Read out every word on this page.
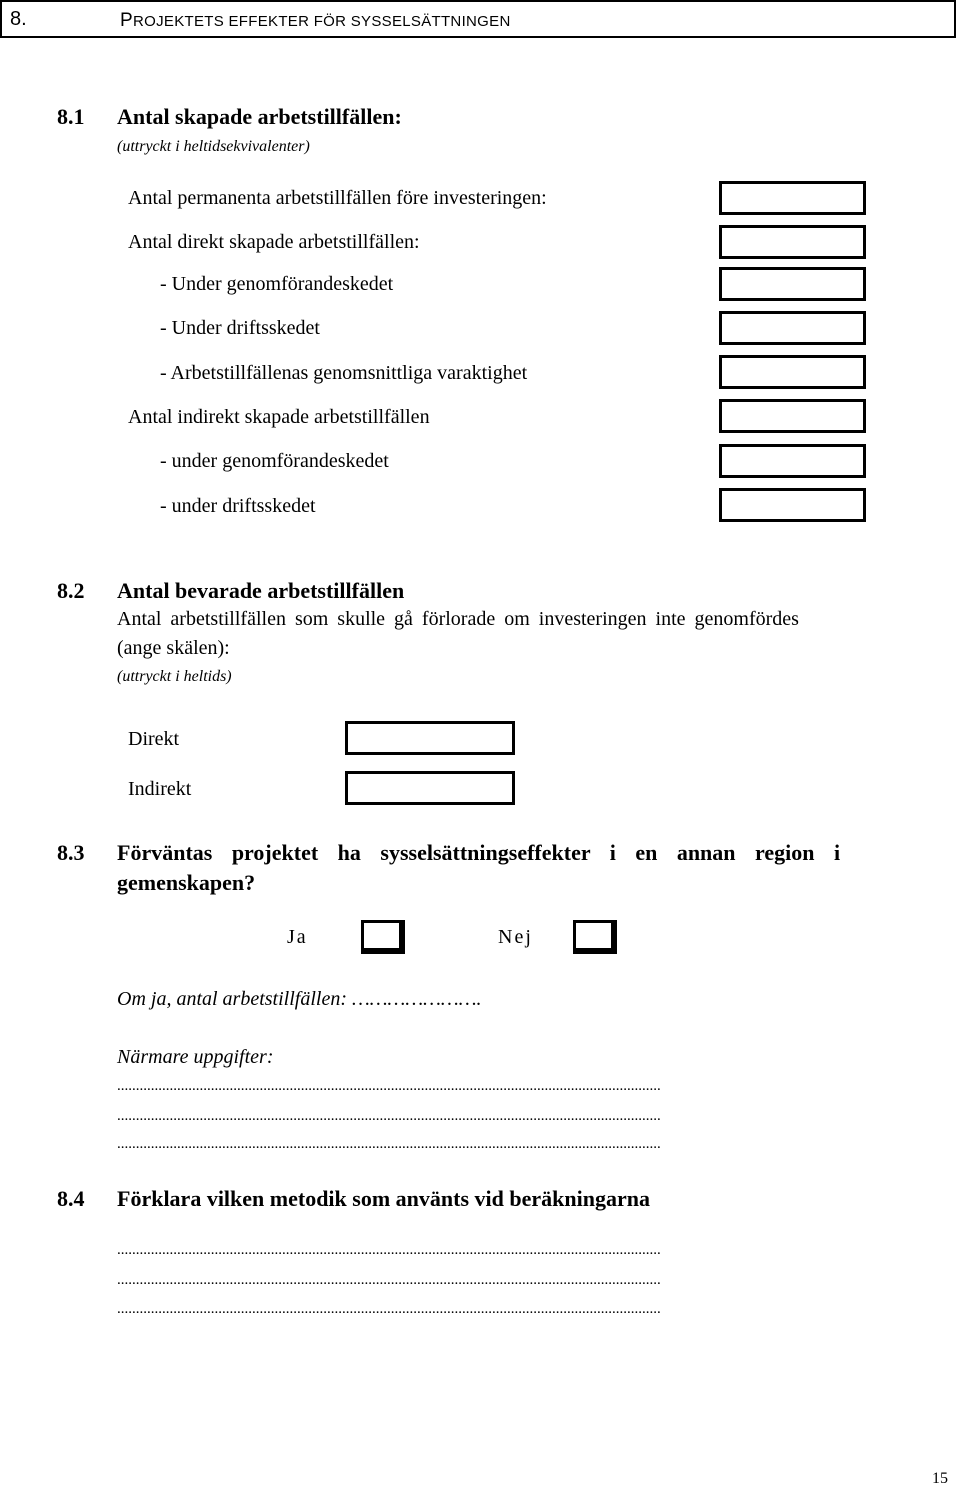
8.	PROJEKTETS EFFEKTER FÖR SYSSELSÄTTNINGEN
8.1 Antal skapade arbetstillfällen:
(uttryckt i heltidsekvivalenter)
Antal permanenta arbetstillfällen före investeringen:
Antal direkt skapade arbetstillfällen:
- Under genomförandeskedet
- Under driftsskedet
- Arbetstillfällenas genomsnittliga varaktighet
Antal indirekt skapade arbetstillfällen
- under genomförandeskedet
- under driftsskedet
8.2 Antal bevarade arbetstillfällen
Antal arbetstillfällen som skulle gå förlorade om investeringen inte genomfördes
(ange skälen):
(uttryckt i heltids)
Direkt
Indirekt
8.3 Förväntas projektet ha sysselsättningseffekter i en annan region i
gemenskapen?
Ja	Nej
Om ja, antal arbetstillfällen: ………………….
Närmare uppgifter:
.................................................................................................................................................
.................................................................................................................................................
.................................................................................................................................................
8.4 Förklara vilken metodik som använts vid beräkningarna
.................................................................................................................................................
.................................................................................................................................................
.................................................................................................................................................
15
